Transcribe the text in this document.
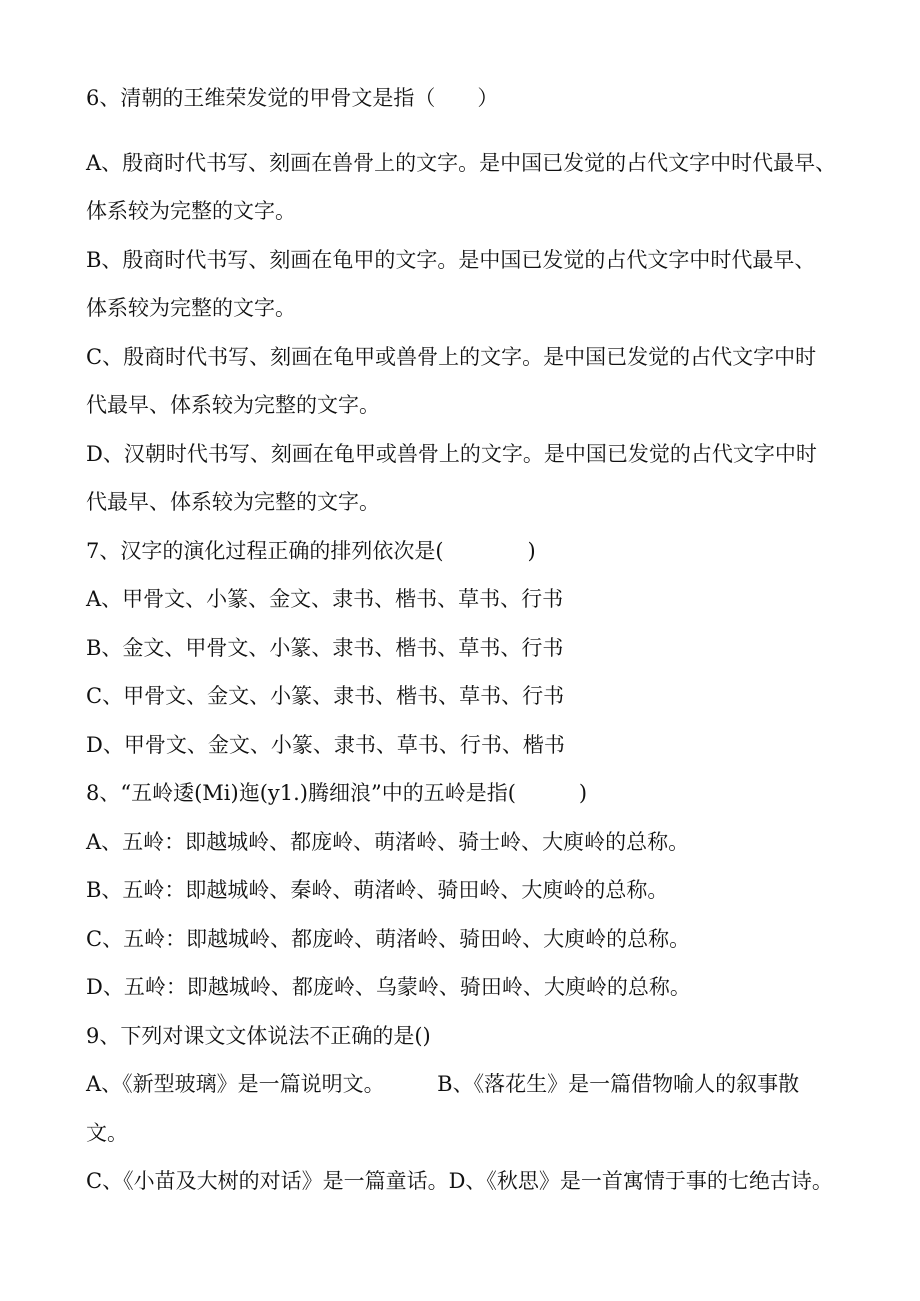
6、清朝的王维荣发觉的甲骨文是指（　　）
A、殷商时代书写、刻画在兽骨上的文字。是中国已发觉的占代文字中时代最早、
体系较为完整的文字。
B、殷商时代书写、刻画在龟甲的文字。是中国已发觉的占代文字中时代最早、
体系较为完整的文字。
C、殷商时代书写、刻画在龟甲或兽骨上的文字。是中国已发觉的占代文字中时
代最早、体系较为完整的文字。
D、汉朝时代书写、刻画在龟甲或兽骨上的文字。是中国已发觉的占代文字中时
代最早、体系较为完整的文字。
7、汉字的演化过程正确的排列依次是(　　　　)
A、甲骨文、小篆、金文、隶书、楷书、草书、行书
B、金文、甲骨文、小篆、隶书、楷书、草书、行书
C、甲骨文、金文、小篆、隶书、楷书、草书、行书
D、甲骨文、金文、小篆、隶书、草书、行书、楷书
8、“五岭逶(Mi)迤(y1.)腾细浪”中的五岭是指(　　　)
A、五岭：即越城岭、都庞岭、萌渚岭、骑士岭、大庾岭的总称。
B、五岭：即越城岭、秦岭、萌渚岭、骑田岭、大庾岭的总称。
C、五岭：即越城岭、都庞岭、萌渚岭、骑田岭、大庾岭的总称。
D、五岭：即越城岭、都庞岭、乌蒙岭、骑田岭、大庾岭的总称。
9、下列对课文文体说法不正确的是()
A、《新型玻璃》是一篇说明文。　　　B、《落花生》是一篇借物喻人的叙事散
文。
C、《小苗及大树的对话》是一篇童话。D、《秋思》是一首寓情于事的七绝古诗。
